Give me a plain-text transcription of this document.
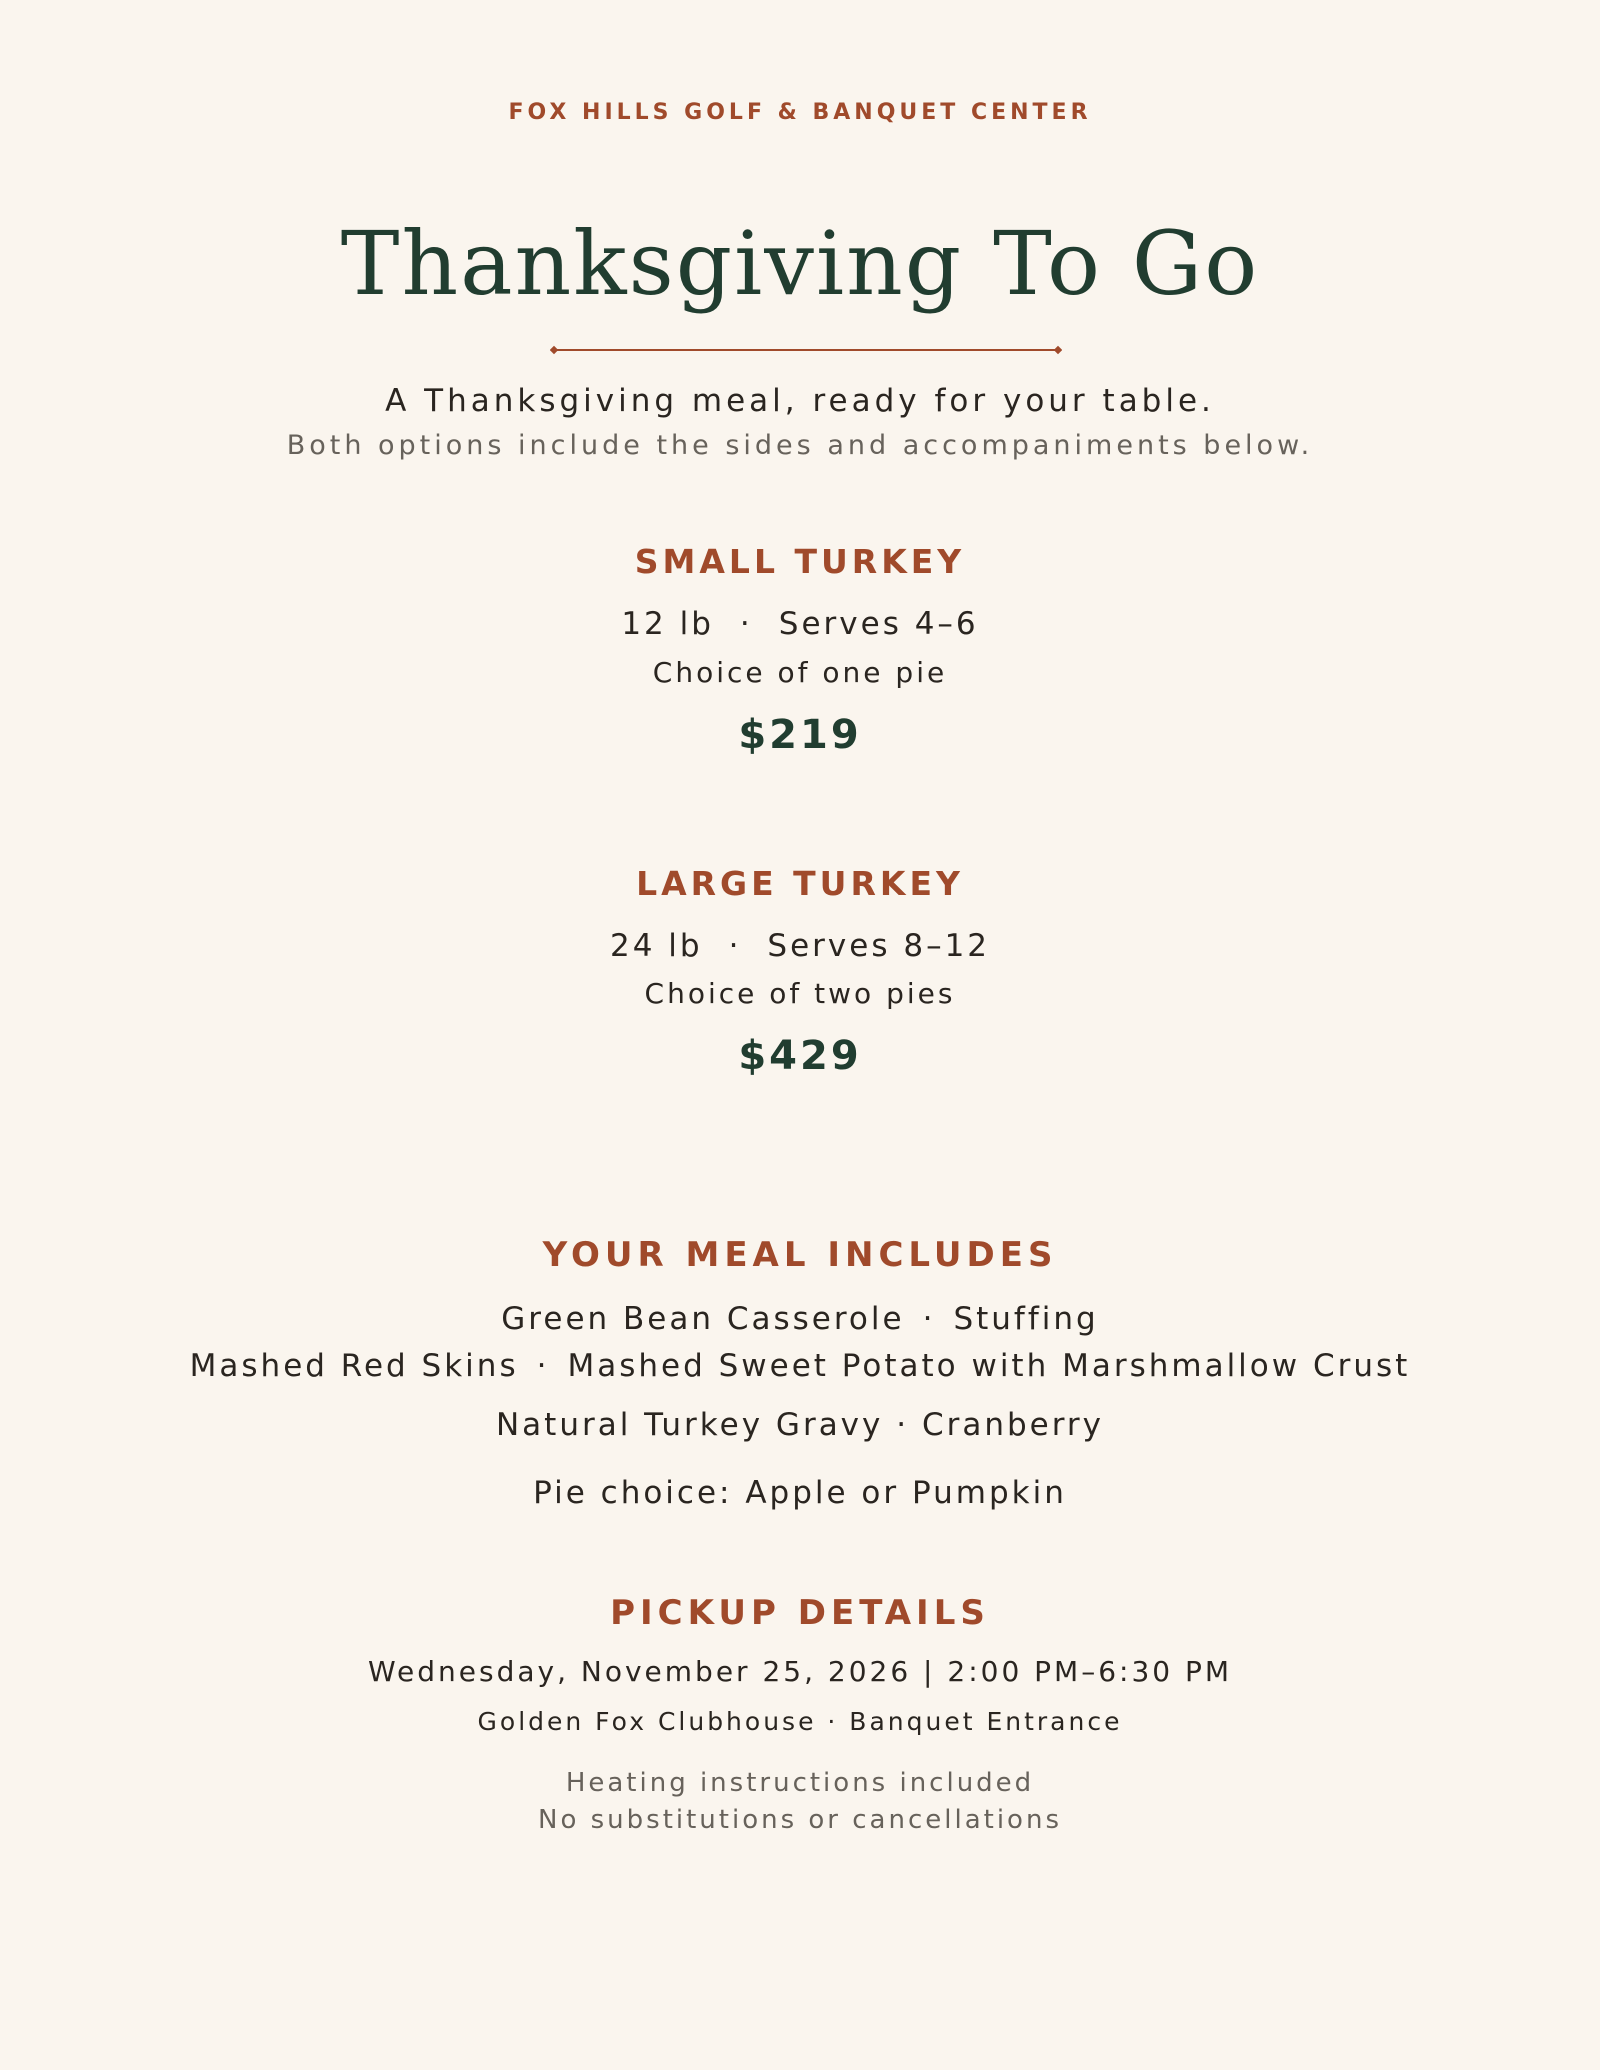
FOX HILLS GOLF & BANQUET CENTER
Thanksgiving To Go
A Thanksgiving meal, ready for your table.
Both options include the sides and accompaniments below.
SMALL TURKEY
12 lb · Serves 4–6
Choice of one pie
$219
LARGE TURKEY
24 lb · Serves 8–12
Choice of two pies
$429
YOUR MEAL INCLUDES
Green Bean Casserole · Stuffing
Mashed Red Skins · Mashed Sweet Potato with Marshmallow Crust
Natural Turkey Gravy · Cranberry
Pie choice: Apple or Pumpkin
PICKUP DETAILS
Wednesday, November 25, 2026 | 2:00 PM–6:30 PM
Golden Fox Clubhouse · Banquet Entrance
Heating instructions included
No substitutions or cancellations
